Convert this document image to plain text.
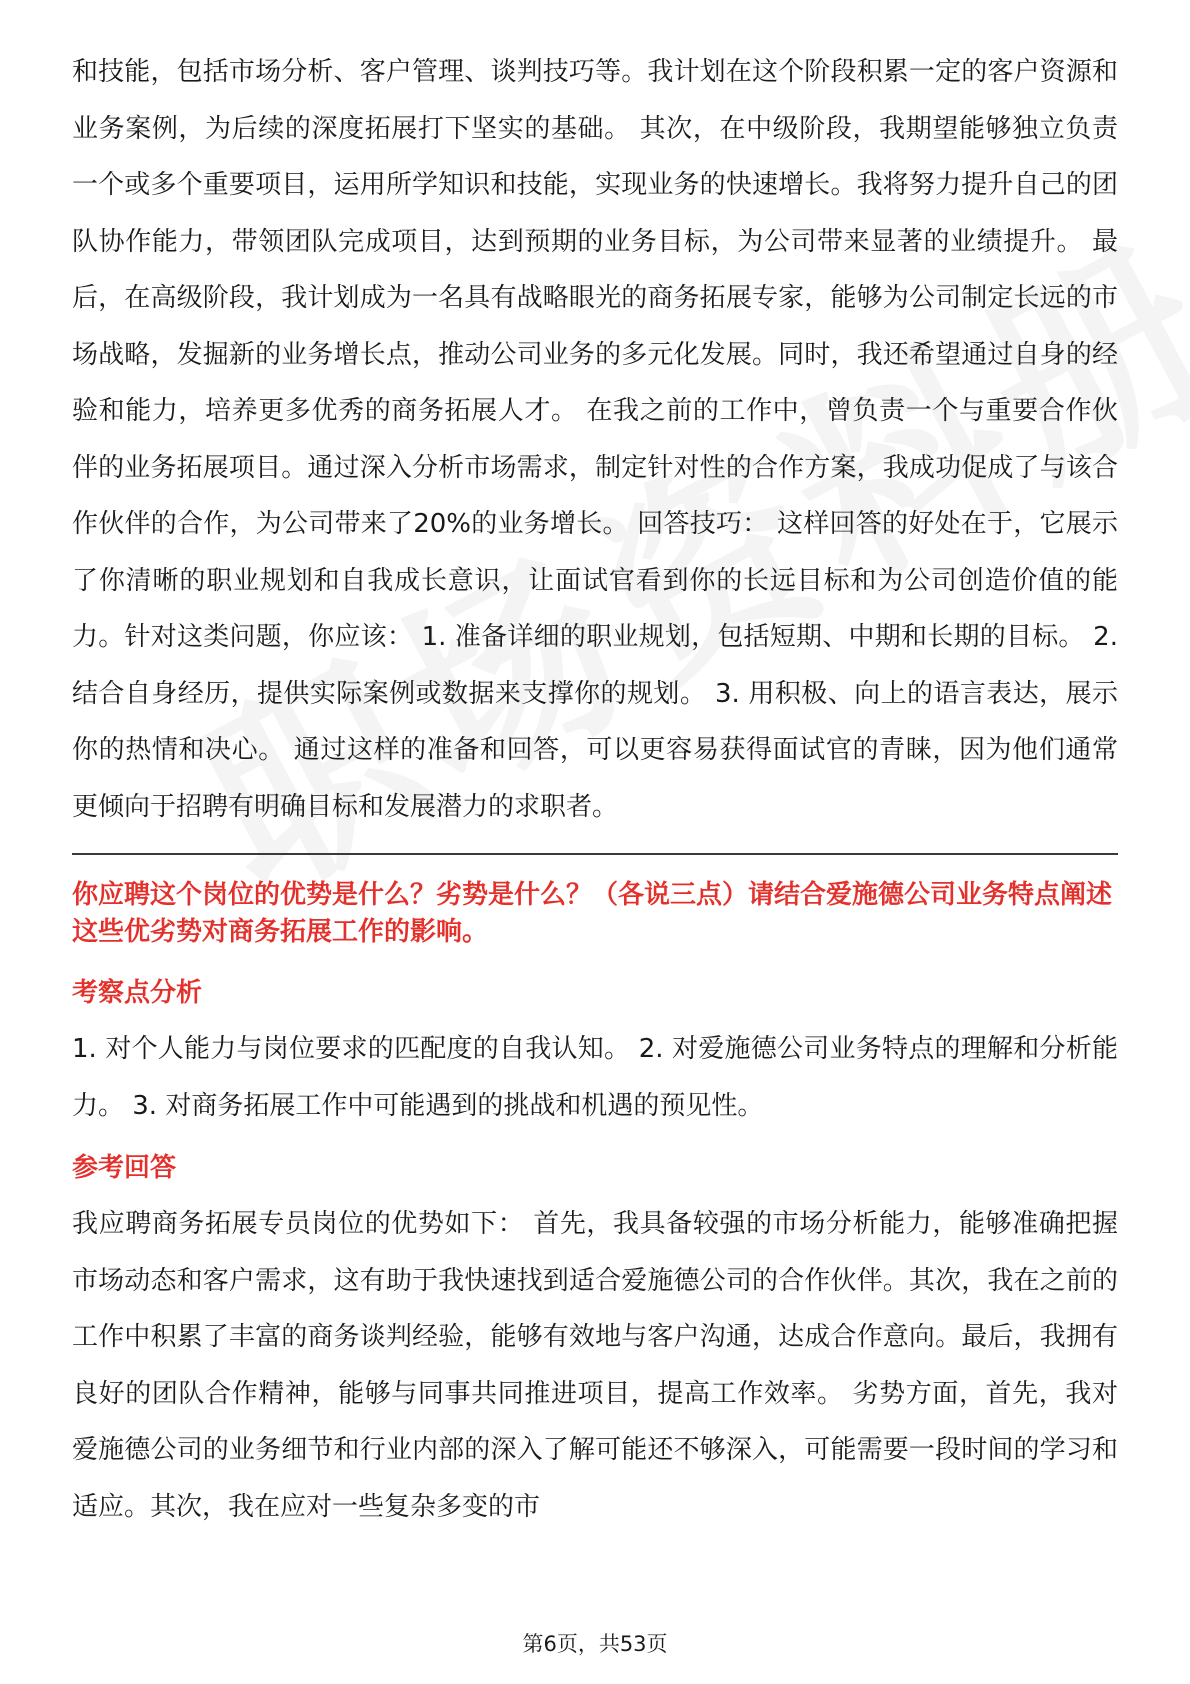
和技能，包括市场分析、客户管理、谈判技巧等。我计划在这个阶段积累一定的客户资源和业务案例，为后续的深度拓展打下坚实的基础。 其次，在中级阶段，我期望能够独立负责一个或多个重要项目，运用所学知识和技能，实现业务的快速增长。我将努力提升自己的团队协作能力，带领团队完成项目，达到预期的业务目标，为公司带来显著的业绩提升。 最后，在高级阶段，我计划成为一名具有战略眼光的商务拓展专家，能够为公司制定长远的市场战略，发掘新的业务增长点，推动公司业务的多元化发展。同时，我还希望通过自身的经验和能力，培养更多优秀的商务拓展人才。 在我之前的工作中，曾负责一个与重要合作伙伴的业务拓展项目。通过深入分析市场需求，制定针对性的合作方案，我成功促成了与该合作伙伴的合作，为公司带来了20%的业务增长。 回答技巧： 这样回答的好处在于，它展示了你清晰的职业规划和自我成长意识，让面试官看到你的长远目标和为公司创造价值的能力。针对这类问题，你应该： 1. 准备详细的职业规划，包括短期、中期和长期的目标。 2. 结合自身经历，提供实际案例或数据来支撑你的规划。 3. 用积极、向上的语言表达，展示你的热情和决心。 通过这样的准备和回答，可以更容易获得面试官的青睐，因为他们通常更倾向于招聘有明确目标和发展潜力的求职者。

你应聘这个岗位的优势是什么？劣势是什么？（各说三点）请结合爱施德公司业务特点阐述这些优劣势对商务拓展工作的影响。

考察点分析

1. 对个人能力与岗位要求的匹配度的自我认知。 2. 对爱施德公司业务特点的理解和分析能力。 3. 对商务拓展工作中可能遇到的挑战和机遇的预见性。

参考回答

我应聘商务拓展专员岗位的优势如下： 首先，我具备较强的市场分析能力，能够准确把握市场动态和客户需求，这有助于我快速找到适合爱施德公司的合作伙伴。其次，我在之前的工作中积累了丰富的商务谈判经验，能够有效地与客户沟通，达成合作意向。最后，我拥有良好的团队合作精神，能够与同事共同推进项目，提高工作效率。 劣势方面，首先，我对爱施德公司的业务细节和行业内部的深入了解可能还不够深入，可能需要一段时间的学习和适应。其次，我在应对一些复杂多变的市

第6页，共53页
